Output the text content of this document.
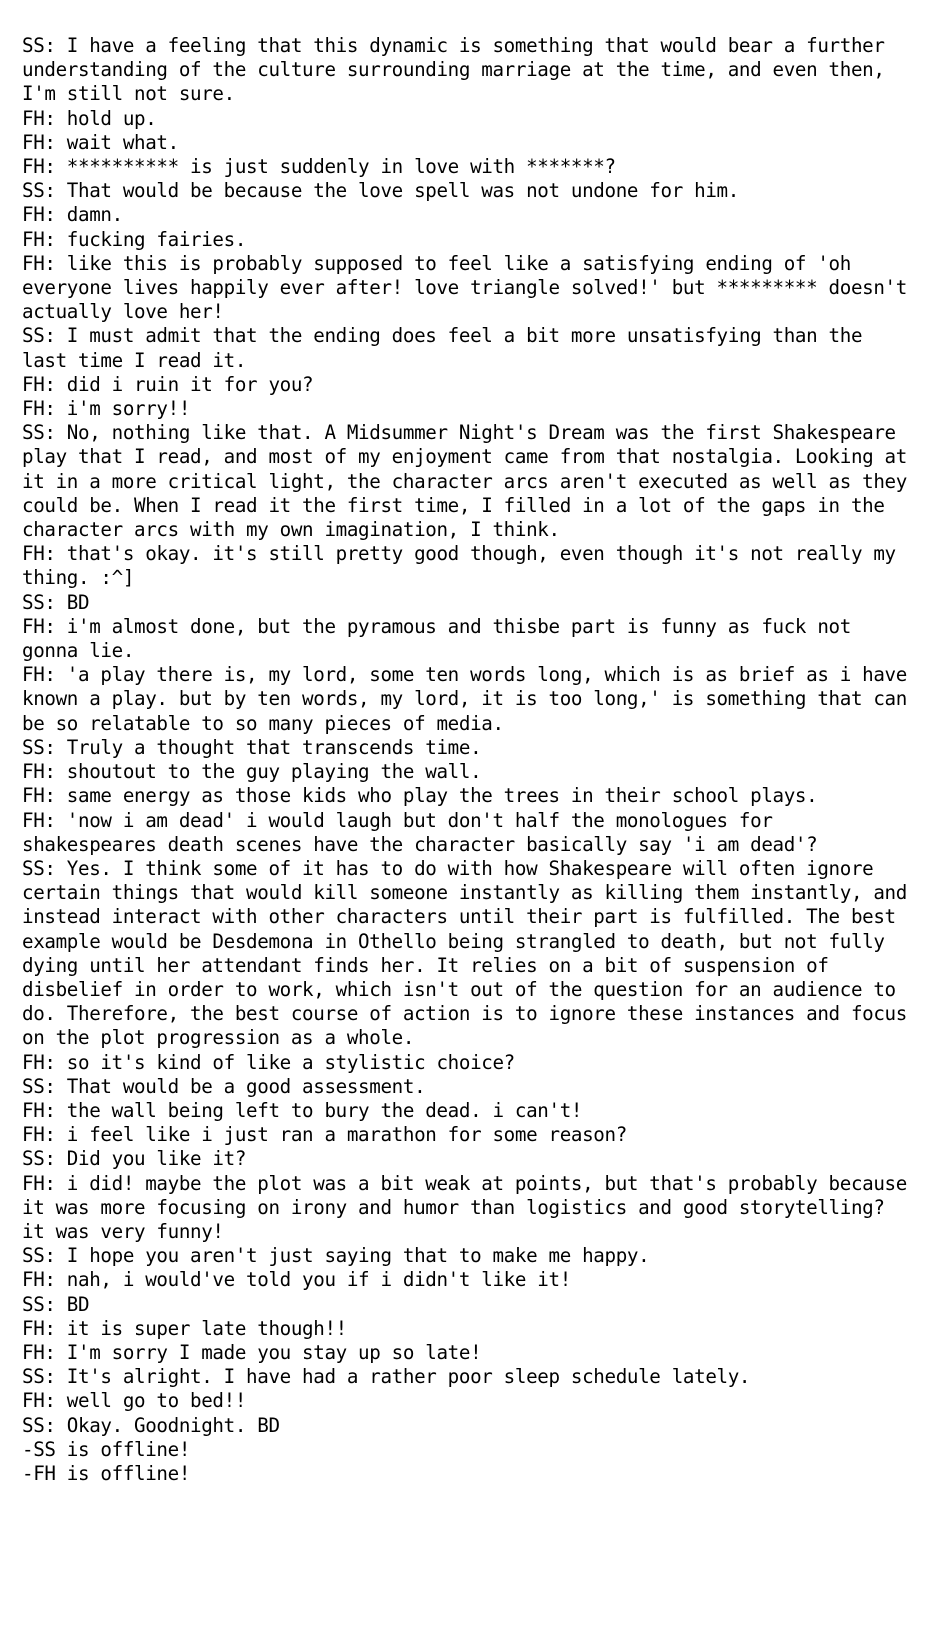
SS: I have a feeling that this dynamic is something that would bear a further understanding of the culture surrounding marriage at the time, and even then, I'm still not sure.

FH: hold up.

FH: wait what.

FH: ********** is just suddenly in love with *******?

SS: That would be because the love spell was not undone for him.

FH: damn.

FH: fucking fairies.

FH: like this is probably supposed to feel like a satisfying ending of 'oh everyone lives happily ever after! love triangle solved!' but ********* doesn't actually love her!

SS: I must admit that the ending does feel a bit more unsatisfying than the last time I read it.

FH: did i ruin it for you?

FH: i'm sorry!!

SS: No, nothing like that. A Midsummer Night's Dream was the first Shakespeare play that I read, and most of my enjoyment came from that nostalgia. Looking at it in a more critical light, the character arcs aren't executed as well as they could be. When I read it the first time, I filled in a lot of the gaps in the character arcs with my own imagination, I think.

FH: that's okay. it's still pretty good though, even though it's not really my thing. :^]

SS: BD

FH: i'm almost done, but the pyramous and thisbe part is funny as fuck not gonna lie.

FH: 'a play there is, my lord, some ten words long, which is as brief as i have known a play. but by ten words, my lord, it is too long,' is something that can be so relatable to so many pieces of media.

SS: Truly a thought that transcends time.

FH: shoutout to the guy playing the wall.

FH: same energy as those kids who play the trees in their school plays.

FH: 'now i am dead' i would laugh but don't half the monologues for shakespeares death scenes have the character basically say 'i am dead'?

SS: Yes. I think some of it has to do with how Shakespeare will often ignore certain things that would kill someone instantly as killing them instantly, and instead interact with other characters until their part is fulfilled. The best example would be Desdemona in Othello being strangled to death, but not fully dying until her attendant finds her. It relies on a bit of suspension of disbelief in order to work, which isn't out of the question for an audience to do. Therefore, the best course of action is to ignore these instances and focus on the plot progression as a whole.

FH: so it's kind of like a stylistic choice?

SS: That would be a good assessment.

FH: the wall being left to bury the dead. i can't!

FH: i feel like i just ran a marathon for some reason?

SS: Did you like it?

FH: i did! maybe the plot was a bit weak at points, but that's probably because it was more focusing on irony and humor than logistics and good storytelling? it was very funny!

SS: I hope you aren't just saying that to make me happy.

FH: nah, i would've told you if i didn't like it!

SS: BD

FH: it is super late though!!

FH: I'm sorry I made you stay up so late!

SS: It's alright. I have had a rather poor sleep schedule lately.

FH: well go to bed!!

SS: Okay. Goodnight. BD

-SS is offline!

-FH is offline!
